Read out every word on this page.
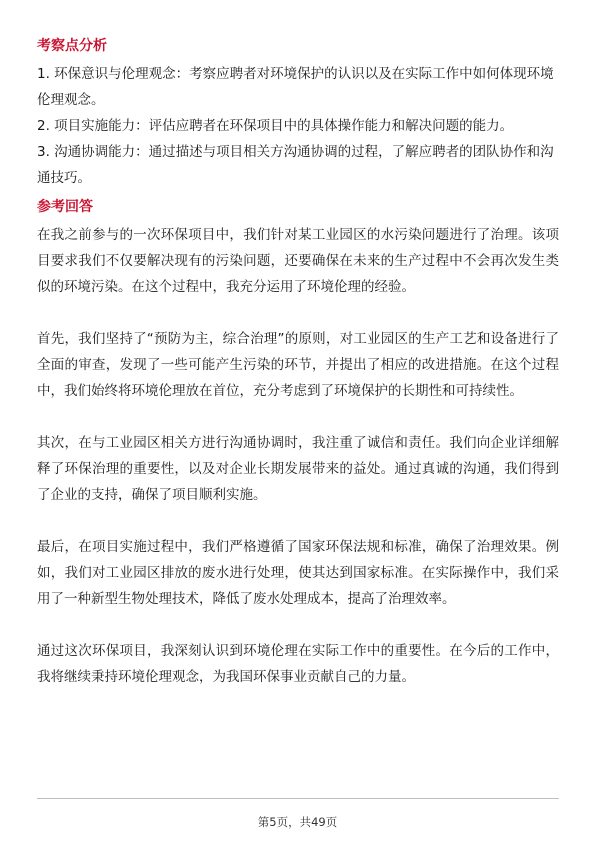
考察点分析

1. 环保意识与伦理观念：考察应聘者对环境保护的认识以及在实际工作中如何体现环境伦理观念。

2. 项目实施能力：评估应聘者在环保项目中的具体操作能力和解决问题的能力。

3. 沟通协调能力：通过描述与项目相关方沟通协调的过程，了解应聘者的团队协作和沟通技巧。

参考回答

在我之前参与的一次环保项目中，我们针对某工业园区的水污染问题进行了治理。该项目要求我们不仅要解决现有的污染问题，还要确保在未来的生产过程中不会再次发生类似的环境污染。在这个过程中，我充分运用了环境伦理的经验。

首先，我们坚持了“预防为主，综合治理”的原则，对工业园区的生产工艺和设备进行了全面的审查，发现了一些可能产生污染的环节，并提出了相应的改进措施。在这个过程中，我们始终将环境伦理放在首位，充分考虑到了环境保护的长期性和可持续性。

其次，在与工业园区相关方进行沟通协调时，我注重了诚信和责任。我们向企业详细解释了环保治理的重要性，以及对企业长期发展带来的益处。通过真诚的沟通，我们得到了企业的支持，确保了项目顺利实施。

最后，在项目实施过程中，我们严格遵循了国家环保法规和标准，确保了治理效果。例如，我们对工业园区排放的废水进行处理，使其达到国家标准。在实际操作中，我们采用了一种新型生物处理技术，降低了废水处理成本，提高了治理效率。

通过这次环保项目，我深刻认识到环境伦理在实际工作中的重要性。在今后的工作中，我将继续秉持环境伦理观念，为我国环保事业贡献自己的力量。

第5页，共49页
